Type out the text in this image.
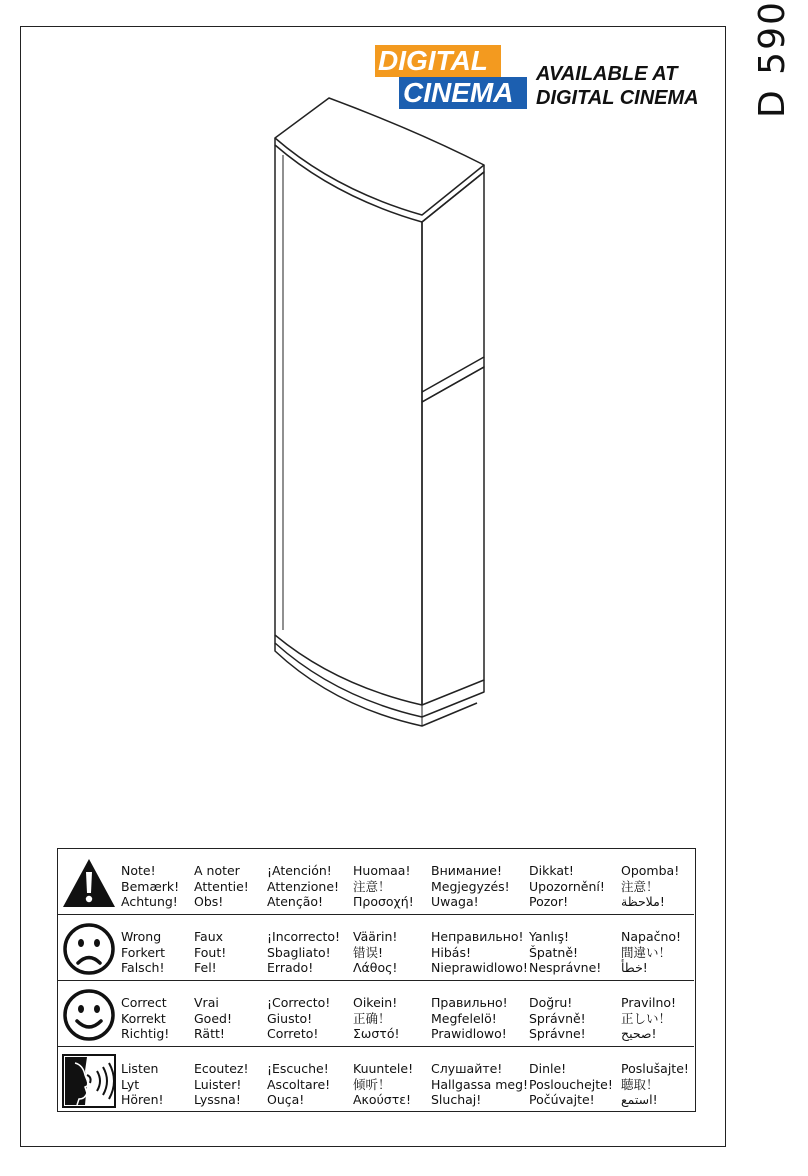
D 590
DIGITAL
CINEMA
AVAILABLE AT
DIGITAL CINEMA
Note!
Bemærk!
Achtung!
A noter
Attentie!
Obs!
¡Atención!
Attenzione!
Atenção!
Huomaa!
注意！
Προσοχή!
Внимание!
Megjegyzés!
Uwaga!
Dikkat!
Upozornění!
Pozor!
Opomba!
注意！
ملاحظة!
Wrong
Forkert
Falsch!
Faux
Fout!
Fel!
¡Incorrecto!
Sbagliato!
Errado!
Väärin!
错误!
Λάθος!
Неправильно!
Hibás!
Nieprawidlowo!
Yanlış!
Špatně!
Nesprávne!
Napačno!
間違い！
خطأ!
Correct
Korrekt
Richtig!
Vrai
Goed!
Rätt!
¡Correcto!
Giusto!
Correto!
Oikein!
正确！
Σωστό!
Правильно!
Megfelelö!
Prawidlowo!
Doğru!
Správně!
Správne!
Pravilno!
正しい！
صحيح!
Listen
Lyt
Hören!
Ecoutez!
Luister!
Lyssna!
¡Escuche!
Ascoltare!
Ouça!
Kuuntele!
倾听！
Ακούστε!
Слушайте!
Hallgassa meg!
Sluchaj!
Dinle!
Poslouchejte!
Počúvajte!
Poslušajte!
聴取！
استمع!
